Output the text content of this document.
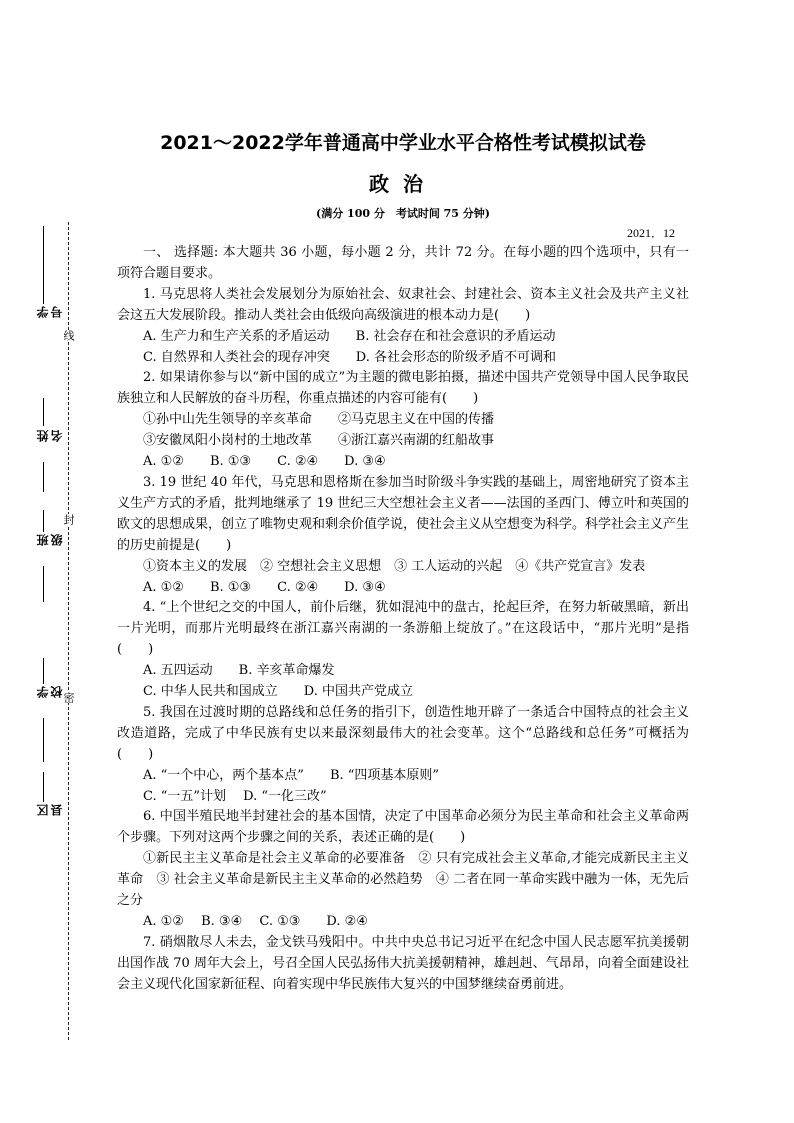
线
封
密
学号
姓名
班级
学校
区县
2021～2022学年普通高中学业水平合格性考试模拟试卷
政治
(满分 100 分　考试时间 75 分钟)
2021．12

一、 选择题: 本大题共 36 小题，每小题 2 分，共计 72 分。在每小题的四个选项中，只有一项符合题目要求。

1. 马克思将人类社会发展划分为原始社会、奴隶社会、封建社会、资本主义社会及共产主义社会这五大发展阶段。推动人类社会由低级向高级演进的根本动力是(　　)

A. 生产力和生产关系的矛盾运动　　B. 社会存在和社会意识的矛盾运动

C. 自然界和人类社会的现存冲突　　D. 各社会形态的阶级矛盾不可调和

2. 如果请你参与以“新中国的成立”为主题的微电影拍摄，描述中国共产党领导中国人民争取民族独立和人民解放的奋斗历程，你重点描述的内容可能有(　　)

①孙中山先生领导的辛亥革命　　②马克思主义在中国的传播

③安徽凤阳小岗村的土地改革　　④浙江嘉兴南湖的红船故事

A. ①②　　B. ①③　　C. ②④　　D. ③④

3. 19 世纪 40 年代，马克思和恩格斯在参加当时阶级斗争实践的基础上，周密地研究了资本主义生产方式的矛盾，批判地继承了 19 世纪三大空想社会主义者——法国的圣西门、傅立叶和英国的欧文的思想成果，创立了唯物史观和剩余价值学说，使社会主义从空想变为科学。科学社会主义产生的历史前提是(　　)

①资本主义的发展　② 空想社会主义思想　③ 工人运动的兴起　④《共产党宣言》发表

A. ①②　　B. ①③　　C. ②④　　D. ③④

4. “上个世纪之交的中国人，前仆后继，犹如混沌中的盘古，抡起巨斧，在努力斩破黑暗，新出一片光明，而那片光明最终在浙江嘉兴南湖的一条游船上绽放了。”在这段话中，“那片光明”是指(　　)

A. 五四运动　　B. 辛亥革命爆发

C. 中华人民共和国成立　　D. 中国共产党成立

5. 我国在过渡时期的总路线和总任务的指引下，创造性地开辟了一条适合中国特点的社会主义改造道路，完成了中华民族有史以来最深刻最伟大的社会变革。这个“总路线和总任务”可概括为(　　)

A. “一个中心，两个基本点”　　B. “四项基本原则”

C. “一五”计划　 D. “一化三改”

6. 中国半殖民地半封建社会的基本国情，决定了中国革命必须分为民主革命和社会主义革命两个步骤。下列对这两个步骤之间的关系，表述正确的是(　　)

①新民主主义革命是社会主义革命的必要准备　② 只有完成社会主义革命,才能完成新民主主义革命　③ 社会主义革命是新民主主义革命的必然趋势　④ 二者在同一革命实践中融为一体，无先后之分

A. ①②　 B. ③④　 C. ①③　　D. ②④

7. 硝烟散尽人未去，金戈铁马残阳中。中共中央总书记习近平在纪念中国人民志愿军抗美援朝出国作战 70 周年大会上，号召全国人民弘扬伟大抗美援朝精神，雄赳赳、气昂昂，向着全面建设社会主义现代化国家新征程、向着实现中华民族伟大复兴的中国梦继续奋勇前进。
